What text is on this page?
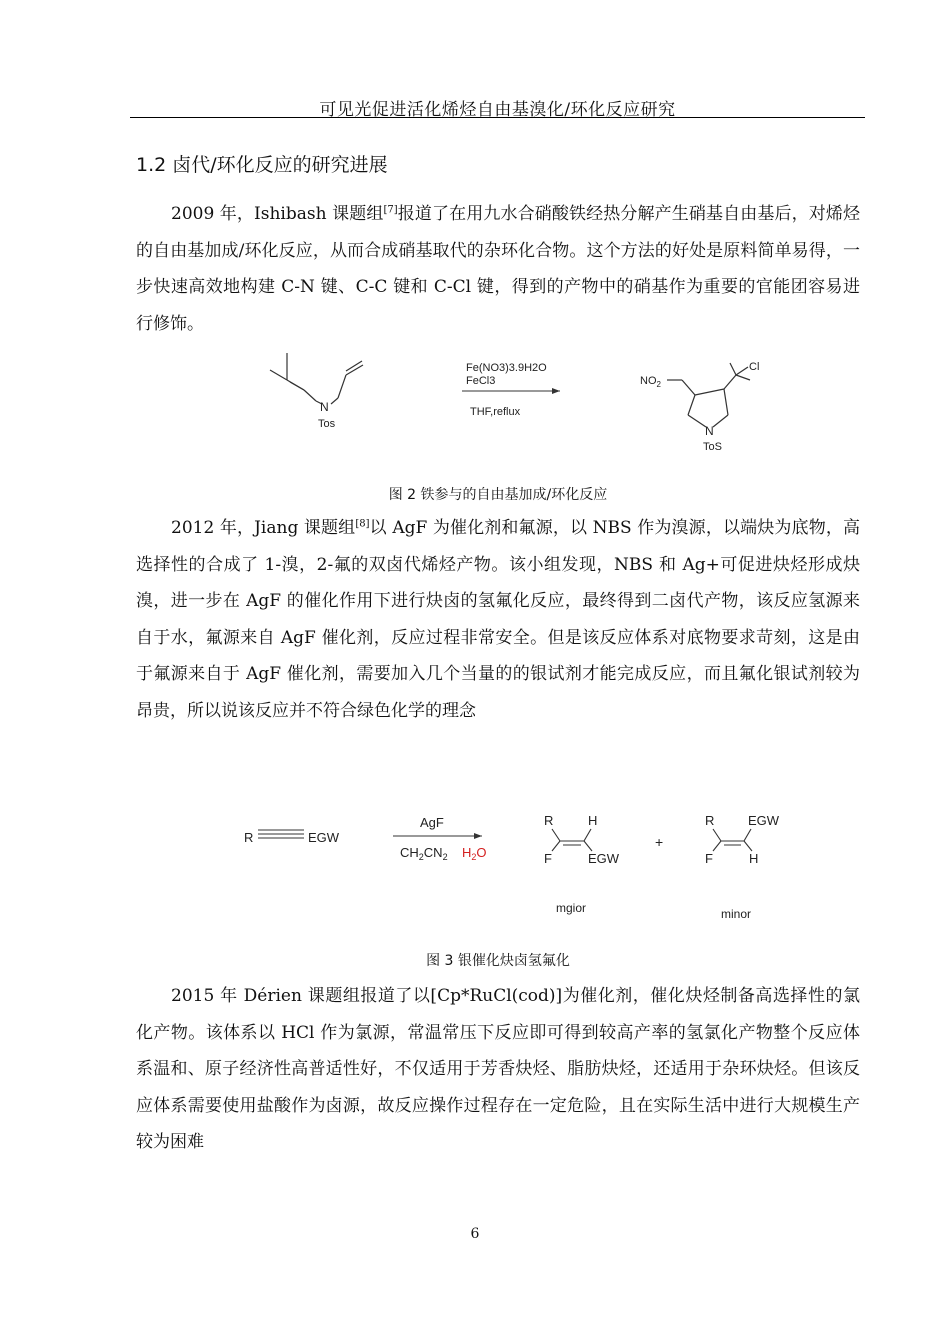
可见光促进活化烯烃自由基溴化/环化反应研究
1.2 卤代/环化反应的研究进展

2009 年，Ishibash 课题组[7]报道了在用九水合硝酸铁经热分解产生硝基自由基后，对烯烃的自由基加成/环化反应，从而合成硝基取代的杂环化合物。这个方法的好处是原料简单易得，一步快速高效地构建 C-N 键、C-C 键和 C-Cl 键，得到的产物中的硝基作为重要的官能团容易进行修饰。

N
Tos
Fe(NO3)3.9H2O
FeCl3
THF,reflux
$NO_2$
Cl
N
ToS
图 2 铁参与的自由基加成/环化反应

2012 年，Jiang 课题组[8]以 AgF 为催化剂和氟源，以 NBS 作为溴源，以端炔为底物，高选择性的合成了 1-溴，2-氟的双卤代烯烃产物。该小组发现，NBS 和 Ag+可促进炔烃形成炔溴，进一步在 AgF 的催化作用下进行炔卤的氢氟化反应，最终得到二卤代产物，该反应氢源来自于水，氟源来自 AgF 催化剂，反应过程非常安全。但是该反应体系对底物要求苛刻，这是由于氟源来自于 AgF 催化剂，需要加入几个当量的的银试剂才能完成反应，而且氟化银试剂较为昂贵，所以说该反应并不符合绿色化学的理念

R	EGW
AgF
$CH_2CN_2$ $H_2O$
R	H
F	EGW
+
R	EGW
F	H
mgior	minor
图 3 银催化炔卤氢氟化

2015 年 Dérien 课题组报道了以[Cp*RuCl(cod)]为催化剂，催化炔烃制备高选择性的氯化产物。该体系以 HCl 作为氯源，常温常压下反应即可得到较高产率的氢氯化产物整个反应体系温和、原子经济性高普适性好，不仅适用于芳香炔烃、脂肪炔烃，还适用于杂环炔烃。但该反应体系需要使用盐酸作为卤源，故反应操作过程存在一定危险，且在实际生活中进行大规模生产较为困难

6
